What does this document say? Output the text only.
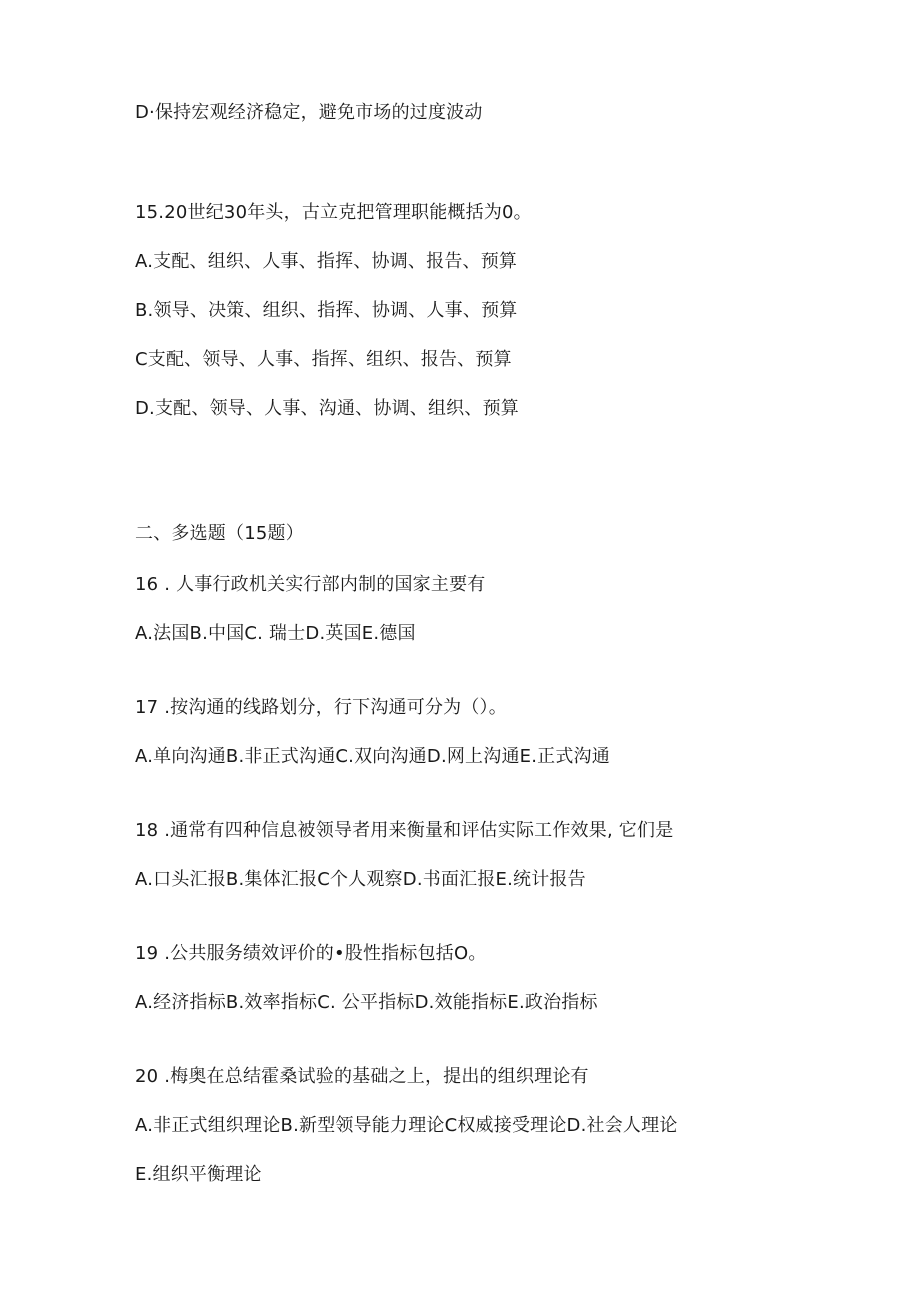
D·保持宏观经济稳定，避免市场的过度波动
15.20世纪30年头，古立克把管理职能概括为0。
A.支配、组织、人事、指挥、协调、报告、预算
B.领导、决策、组织、指挥、协调、人事、预算
C支配、领导、人事、指挥、组织、报告、预算
D.支配、领导、人事、沟通、协调、组织、预算
二、多选题（15题）
16 . 人事行政机关实行部内制的国家主要有
A.法国B.中国C. 瑞士D.英国E.德国
17 .按沟通的线路划分，行下沟通可分为（）。
A.单向沟通B.非正式沟通C.双向沟通D.网上沟通E.正式沟通
18 .通常有四种信息被领导者用来衡量和评估实际工作效果, 它们是
A.口头汇报B.集体汇报C个人观察D.书面汇报E.统计报告
19 .公共服务绩效评价的•股性指标包括O。
A.经济指标B.效率指标C. 公平指标D.效能指标E.政治指标
20 .梅奥在总结霍桑试验的基础之上，提出的组织理论有
A.非正式组织理论B.新型领导能力理论C权威接受理论D.社会人理论
E.组织平衡理论
